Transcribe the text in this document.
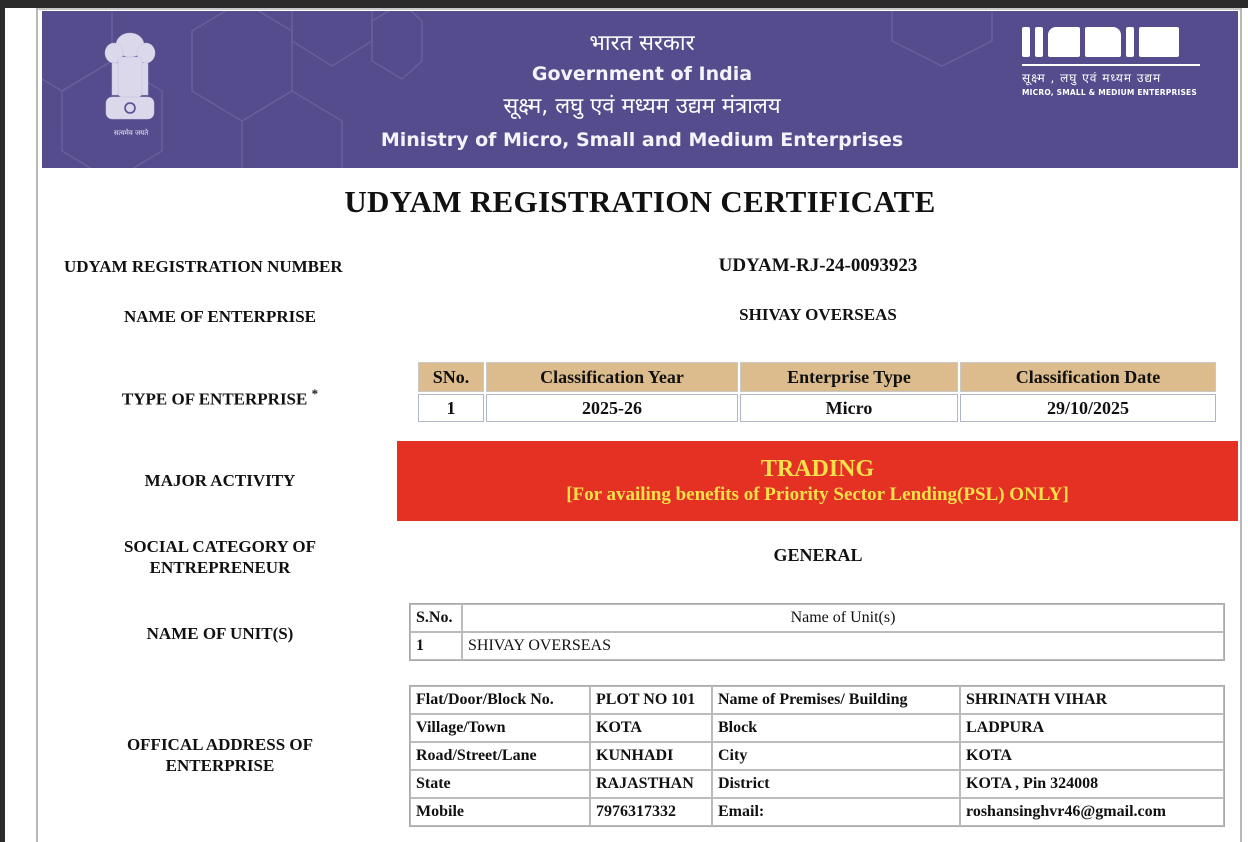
सत्यमेव जयते
भारत सरकार
Government of India
सूक्ष्म, लघु एवं मध्यम उद्यम मंत्रालय
Ministry of Micro, Small and Medium Enterprises
सूक्ष्म , लघु एवं मध्यम उद्यम
MICRO, SMALL & MEDIUM ENTERPRISES
UDYAM REGISTRATION CERTIFICATE
UDYAM REGISTRATION NUMBER	UDYAM-RJ-24-0093923
NAME OF ENTERPRISE	SHIVAY OVERSEAS
TYPE OF ENTERPRISE *
SNo.	Classification Year	Enterprise Type	Classification Date
1	2025-26	Micro	29/10/2025
MAJOR ACTIVITY	TRADING
[For availing benefits of Priority Sector Lending(PSL) ONLY]
SOCIAL CATEGORY OF
ENTREPRENEUR
GENERAL
NAME OF UNIT(S)
S.No.	Name of Unit(s)
1	SHIVAY OVERSEAS
OFFICAL ADDRESS OF
ENTERPRISE
Flat/Door/Block No.	PLOT NO 101	Name of Premises/ Building	SHRINATH VIHAR
Village/Town	KOTA	Block	LADPURA
Road/Street/Lane	KUNHADI	City	KOTA
State	RAJASTHAN	District	KOTA , Pin 324008
Mobile	7976317332	Email:	roshansinghvr46@gmail.com
